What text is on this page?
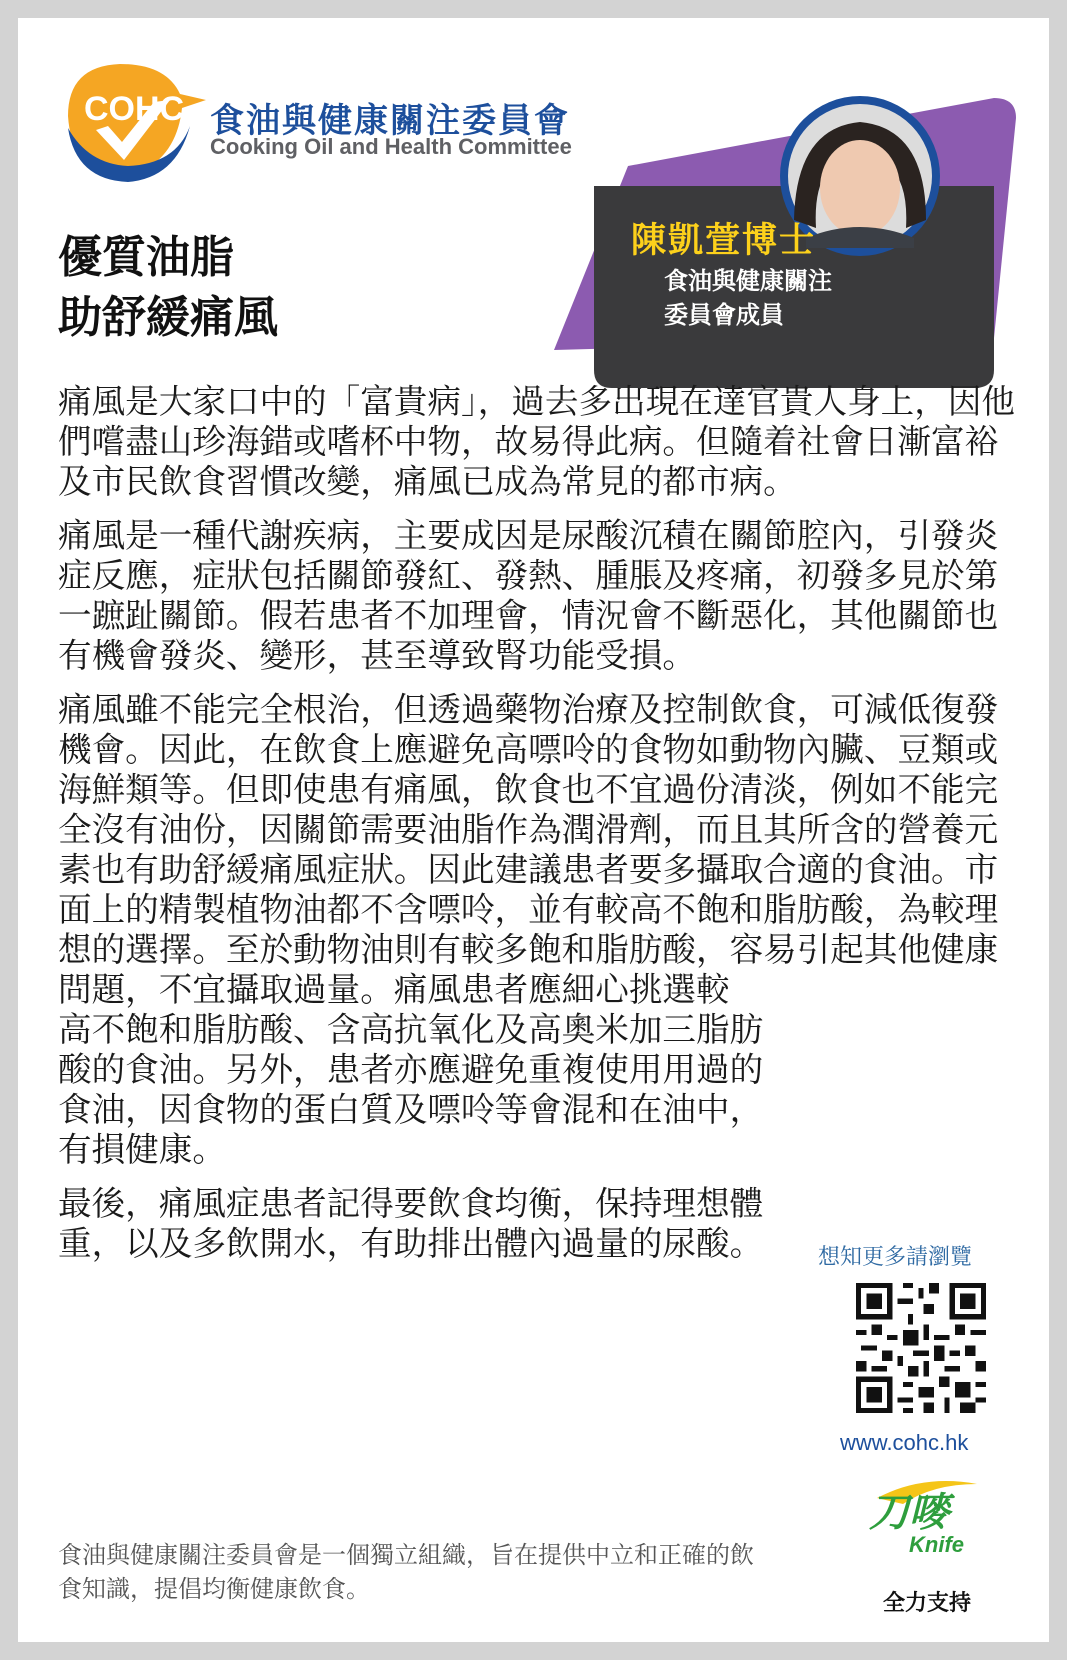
COHC 食油與健康關注委員會
Cooking Oil and Health Committee
優質油脂
助舒緩痛風
陳凱萱博士
食油與健康關注
委員會成員

痛風是大家口中的「富貴病」，過去多出現在達官貴人身上，因他們嚐盡山珍海錯或嗜杯中物，故易得此病。但隨着社會日漸富裕及市民飲食習慣改變，痛風已成為常見的都市病。

痛風是一種代謝疾病，主要成因是尿酸沉積在關節腔內，引發炎症反應，症狀包括關節發紅、發熱、腫脹及疼痛，初發多見於第一蹠趾關節。假若患者不加理會，情況會不斷惡化，其他關節也有機會發炎、變形，甚至導致腎功能受損。

痛風雖不能完全根治，但透過藥物治療及控制飲食，可減低復發機會。因此，在飲食上應避免高嘌呤的食物如動物內臟、豆類或海鮮類等。但即使患有痛風，飲食也不宜過份清淡，例如不能完全沒有油份，因關節需要油脂作為潤滑劑，而且其所含的營養元素也有助舒緩痛風症狀。因此建議患者要多攝取合適的食油。市面上的精製植物油都不含嘌呤，並有較高不飽和脂肪酸，為較理想的選擇。至於動物油則有較多飽和脂肪酸，容易引起其他健康問題，不宜攝取過量。痛風患者應細心挑選較

高不飽和脂肪酸、含高抗氧化及高奧米加三脂肪酸的食油。另外，患者亦應避免重複使用用過的食油，因食物的蛋白質及嘌呤等會混和在油中，有損健康。

最後，痛風症患者記得要飲食均衡，保持理想體重，以及多飲開水，有助排出體內過量的尿酸。

食油與健康關注委員會是一個獨立組織，旨在提供中立和正確的飲食知識，提倡均衡健康飲食。
想知更多請瀏覽
www.cohc.hk
刀嘜
Knife
全力支持
